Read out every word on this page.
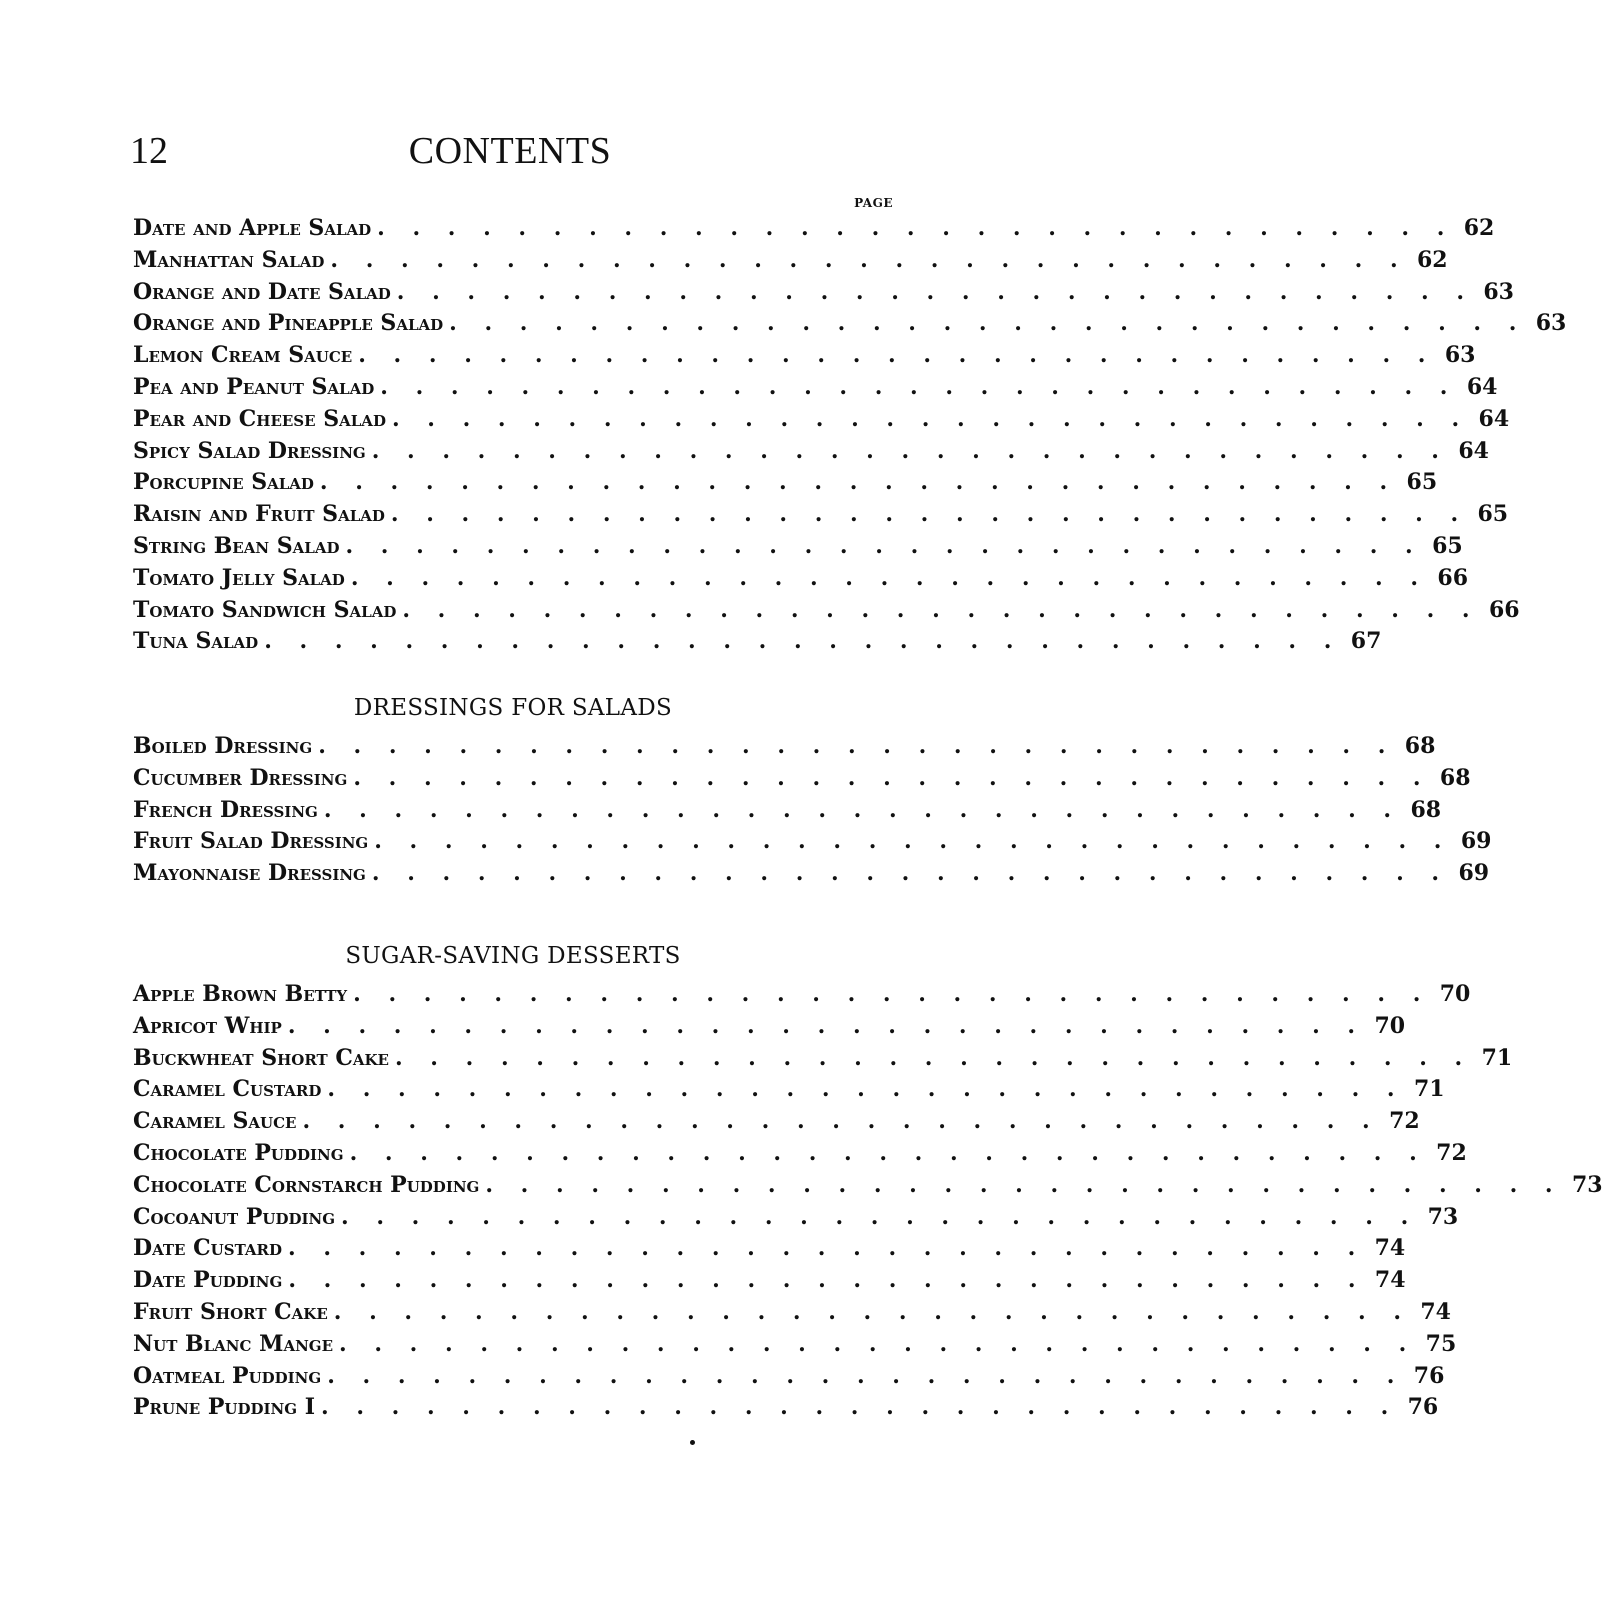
12	CONTENTS
PAGE
Date and Apple Salad . . . . . . . . . . . . . . . . . . . . . . . . . . . . . . . 62
Manhattan Salad . . . . . . . . . . . . . . . . . . . . . . . . . . . . . . . 62
Orange and Date Salad . . . . . . . . . . . . . . . . . . . . . . . . . . . . . . . 63
Orange and Pineapple Salad . . . . . . . . . . . . . . . . . . . . . . . . . . . . . . . 63
Lemon Cream Sauce . . . . . . . . . . . . . . . . . . . . . . . . . . . . . . . 63
Pea and Peanut Salad . . . . . . . . . . . . . . . . . . . . . . . . . . . . . . . 64
Pear and Cheese Salad . . . . . . . . . . . . . . . . . . . . . . . . . . . . . . . 64
Spicy Salad Dressing . . . . . . . . . . . . . . . . . . . . . . . . . . . . . . . 64
Porcupine Salad . . . . . . . . . . . . . . . . . . . . . . . . . . . . . . . 65
Raisin and Fruit Salad . . . . . . . . . . . . . . . . . . . . . . . . . . . . . . . 65
String Bean Salad . . . . . . . . . . . . . . . . . . . . . . . . . . . . . . . 65
Tomato Jelly Salad . . . . . . . . . . . . . . . . . . . . . . . . . . . . . . . 66
Tomato Sandwich Salad . . . . . . . . . . . . . . . . . . . . . . . . . . . . . . . 66
Tuna Salad . . . . . . . . . . . . . . . . . . . . . . . . . . . . . . . 67
DRESSINGS FOR SALADS
Boiled Dressing . . . . . . . . . . . . . . . . . . . . . . . . . . . . . . . 68
Cucumber Dressing . . . . . . . . . . . . . . . . . . . . . . . . . . . . . . . 68
French Dressing . . . . . . . . . . . . . . . . . . . . . . . . . . . . . . . 68
Fruit Salad Dressing . . . . . . . . . . . . . . . . . . . . . . . . . . . . . . . 69
Mayonnaise Dressing . . . . . . . . . . . . . . . . . . . . . . . . . . . . . . . 69
SUGAR-SAVING DESSERTS
Apple Brown Betty . . . . . . . . . . . . . . . . . . . . . . . . . . . . . . . 70
Apricot Whip . . . . . . . . . . . . . . . . . . . . . . . . . . . . . . . 70
Buckwheat Short Cake . . . . . . . . . . . . . . . . . . . . . . . . . . . . . . . 71
Caramel Custard . . . . . . . . . . . . . . . . . . . . . . . . . . . . . . . 71
Caramel Sauce . . . . . . . . . . . . . . . . . . . . . . . . . . . . . . . 72
Chocolate Pudding . . . . . . . . . . . . . . . . . . . . . . . . . . . . . . . 72
Chocolate Cornstarch Pudding . . . . . . . . . . . . . . . . . . . . . . . . . . . . . . . 73
Cocoanut Pudding . . . . . . . . . . . . . . . . . . . . . . . . . . . . . . . 73
Date Custard . . . . . . . . . . . . . . . . . . . . . . . . . . . . . . . 74
Date Pudding . . . . . . . . . . . . . . . . . . . . . . . . . . . . . . . 74
Fruit Short Cake . . . . . . . . . . . . . . . . . . . . . . . . . . . . . . . 74
Nut Blanc Mange . . . . . . . . . . . . . . . . . . . . . . . . . . . . . . . 75
Oatmeal Pudding . . . . . . . . . . . . . . . . . . . . . . . . . . . . . . . 76
Prune Pudding I . . . . . . . . . . . . . . . . . . . . . . . . . . . . . . . 76
